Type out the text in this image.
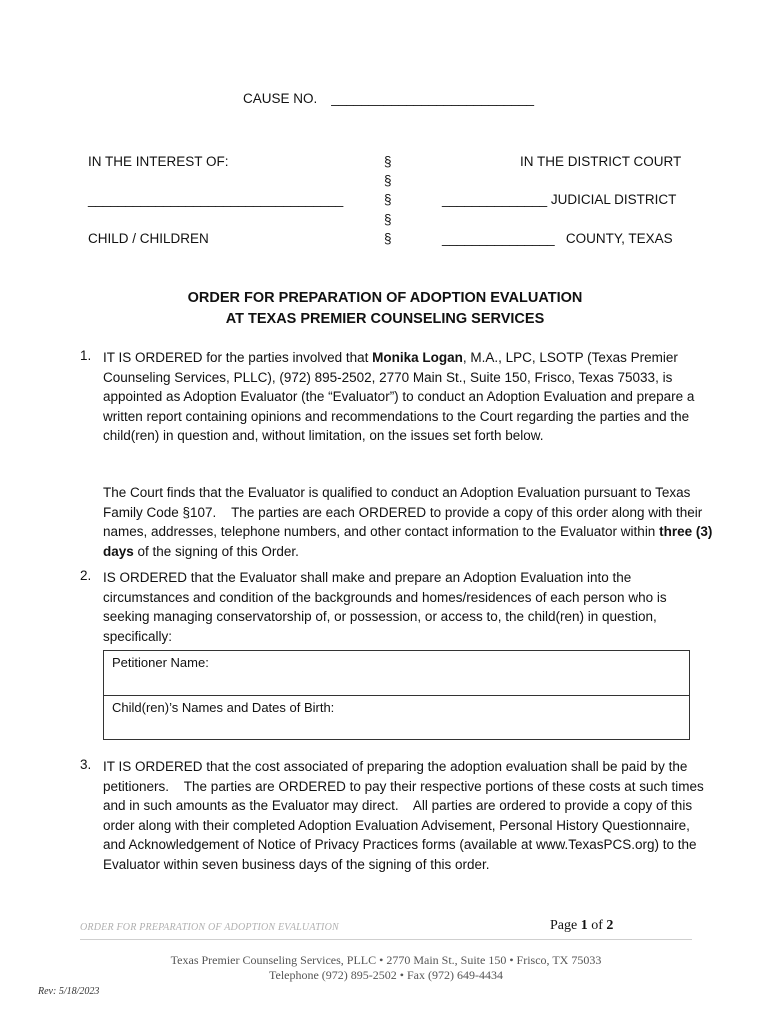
CAUSE NO. ___________________________
IN THE INTEREST OF:
__________________________________
CHILD / CHILDREN
§
§
§
§
§
IN THE DISTRICT COURT
______________ JUDICIAL DISTRICT
_______________   COUNTY, TEXAS
ORDER FOR PREPARATION OF ADOPTION EVALUATION
AT TEXAS PREMIER COUNSELING SERVICES
1. IT IS ORDERED for the parties involved that Monika Logan, M.A., LPC, LSOTP (Texas Premier Counseling Services, PLLC), (972) 895-2502, 2770 Main St., Suite 150, Frisco, Texas 75033, is appointed as Adoption Evaluator (the “Evaluator”) to conduct an Adoption Evaluation and prepare a written report containing opinions and recommendations to the Court regarding the parties and the child(ren) in question and, without limitation, on the issues set forth below.
The Court finds that the Evaluator is qualified to conduct an Adoption Evaluation pursuant to Texas Family Code §107.    The parties are each ORDERED to provide a copy of this order along with their names, addresses, telephone numbers, and other contact information to the Evaluator within three (3) days of the signing of this Order.
2. IS ORDERED that the Evaluator shall make and prepare an Adoption Evaluation into the circumstances and condition of the backgrounds and homes/residences of each person who is seeking managing conservatorship of, or possession, or access to, the child(ren) in question, specifically:
Petitioner Name:
Child(ren)’s Names and Dates of Birth:
3. IT IS ORDERED that the cost associated of preparing the adoption evaluation shall be paid by the petitioners.    The parties are ORDERED to pay their respective portions of these costs at such times and in such amounts as the Evaluator may direct.    All parties are ordered to provide a copy of this order along with their completed Adoption Evaluation Advisement, Personal History Questionnaire, and Acknowledgement of Notice of Privacy Practices forms (available at www.TexasPCS.org) to the Evaluator within seven business days of the signing of this order.
ORDER FOR PREPARATION OF ADOPTION EVALUATION	Page 1 of 2
Texas Premier Counseling Services, PLLC • 2770 Main St., Suite 150 • Frisco, TX 75033
Telephone (972) 895-2502 • Fax (972) 649-4434
Rev: 5/18/2023
